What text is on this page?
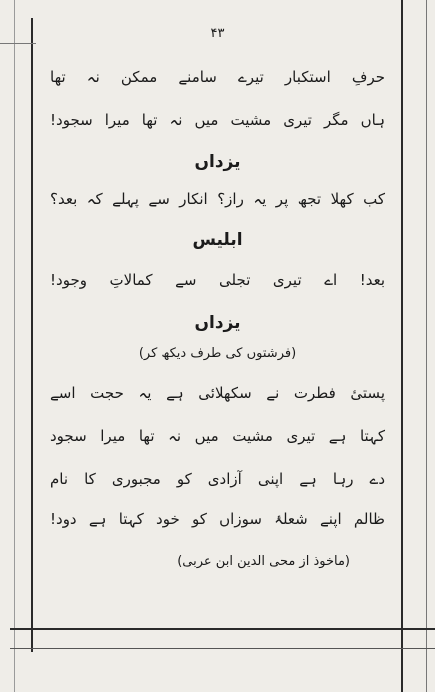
۴۳
حرفِ استکبار تیرے سامنے ممکن نہ تھا
ہاں مگر تیری مشیت میں نہ تھا میرا سجود!
یزداں
کب کھلا تجھ پر یہ راز؟ انکار سے پہلے کہ بعد؟
ابلیس
بعد! اے تیری تجلی سے کمالاتِ وجود!
یزداں
(فرشتوں کی طرف دیکھ کر)
پستیٔ فطرت نے سکھلائی ہے یہ حجت اسے
کہتا ہے تیری مشیت میں نہ تھا میرا سجود
دے رہا ہے اپنی آزادی کو مجبوری کا نام
ظالم اپنے شعلۂ سوزاں کو خود کہتا ہے دود!
(ماخوذ از محی الدین ابن عربی)
